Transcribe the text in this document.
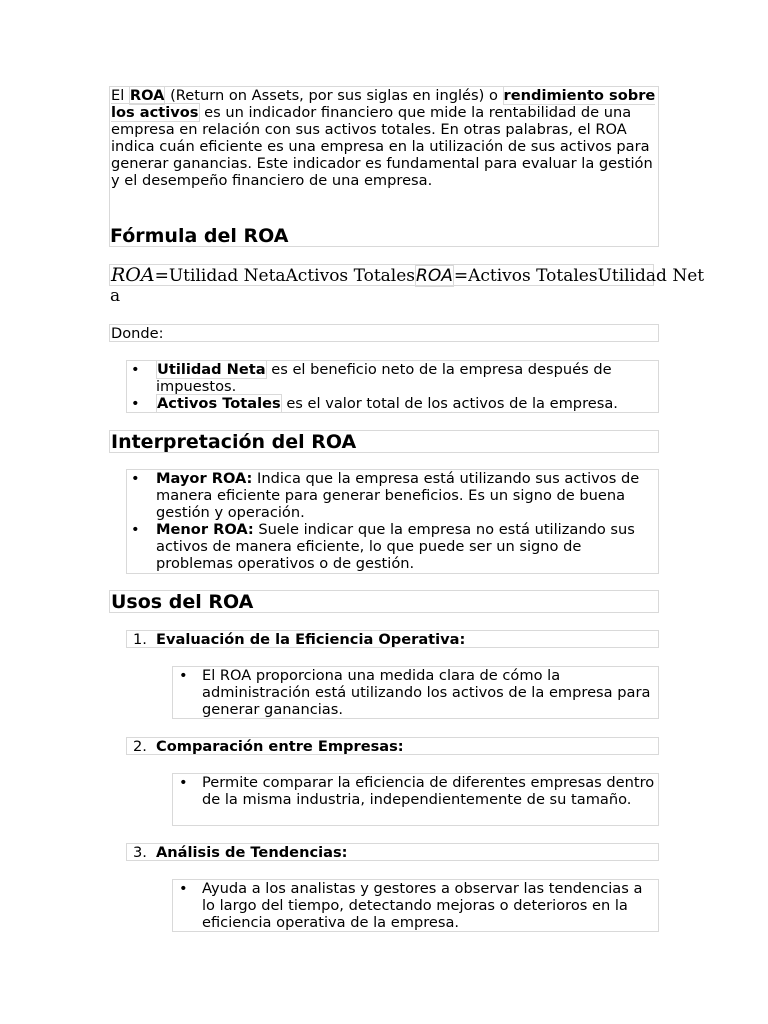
El ROA (Return on Assets, por sus siglas en inglés) o rendimiento sobre los activos es un indicador financiero que mide la rentabilidad de una empresa en relación con sus activos totales. En otras palabras, el ROA indica cuán eficiente es una empresa en la utilización de sus activos para generar ganancias. Este indicador es fundamental para evaluar la gestión y el desempeño financiero de una empresa.
Fórmula del ROA
ROA=Utilidad NetaActivos TotalesROA=Activos TotalesUtilidad Net
a
Donde:
• Utilidad Neta es el beneficio neto de la empresa después de impuestos.
• Activos Totales es el valor total de los activos de la empresa.
Interpretación del ROA
• Mayor ROA: Indica que la empresa está utilizando sus activos de manera eficiente para generar beneficios. Es un signo de buena gestión y operación.
• Menor ROA: Suele indicar que la empresa no está utilizando sus activos de manera eficiente, lo que puede ser un signo de problemas operativos o de gestión.
Usos del ROA
1. Evaluación de la Eficiencia Operativa:
• El ROA proporciona una medida clara de cómo la administración está utilizando los activos de la empresa para generar ganancias.
2. Comparación entre Empresas:
• Permite comparar la eficiencia de diferentes empresas dentro de la misma industria, independientemente de su tamaño.
3. Análisis de Tendencias:
• Ayuda a los analistas y gestores a observar las tendencias a lo largo del tiempo, detectando mejoras o deterioros en la eficiencia operativa de la empresa.
